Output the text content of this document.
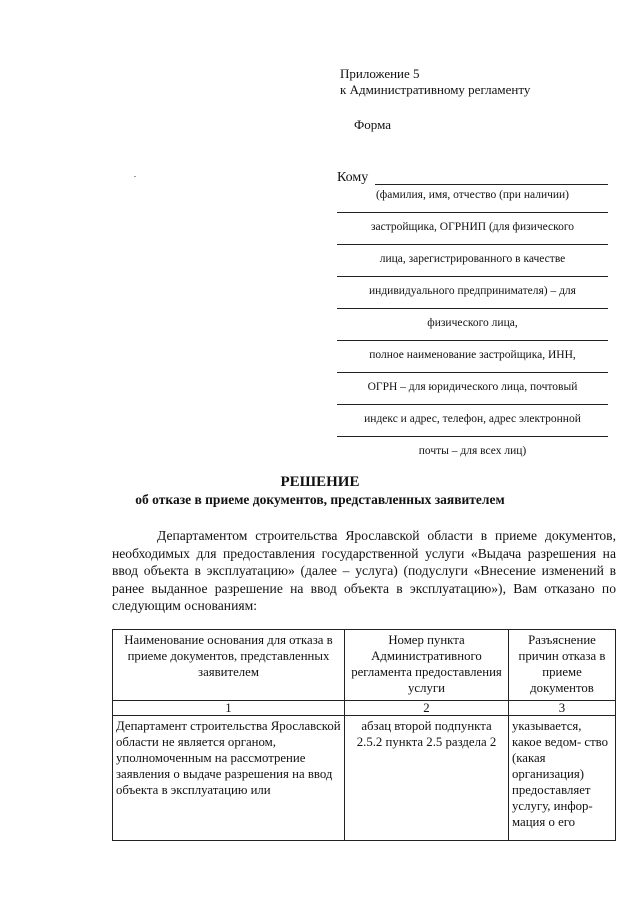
Приложение 5
к Административному регламенту
Форма
Кому
(фамилия, имя, отчество (при наличии)
застройщика, ОГРНИП (для физического
лица, зарегистрированного в качестве
индивидуального предпринимателя) – для
физического лица,
полное наименование застройщика, ИНН,
ОГРН – для юридического лица, почтовый
индекс и адрес, телефон, адрес электронной
почты – для всех лиц)
РЕШЕНИЕ
об отказе в приеме документов, представленных заявителем
Департаментом строительства Ярославской области в приеме документов, необходимых для предоставления государственной услуги «Выдача разрешения на ввод объекта в эксплуатацию» (далее – услуга) (подуслуги «Внесение изменений в ранее выданное разрешение на ввод объекта в эксплуатацию»), Вам отказано по следующим основаниям:
Наименование основания для отказа в приеме документов, представленных заявителем	Номер пункта Административного регламента предоставления услуги	Разъяснение причин отказа в приеме документов
1	2	3

Департамент строительства Ярославской области не является органом, уполномоченным на рассмотрение заявления о выдаче разрешения на ввод объекта в эксплуатацию или	абзац второй подпункта 2.5.2 пункта 2.5 раздела 2	указывается, какое ведом- ство (какая организация) предоставляет услугу, инфор- мация о его
